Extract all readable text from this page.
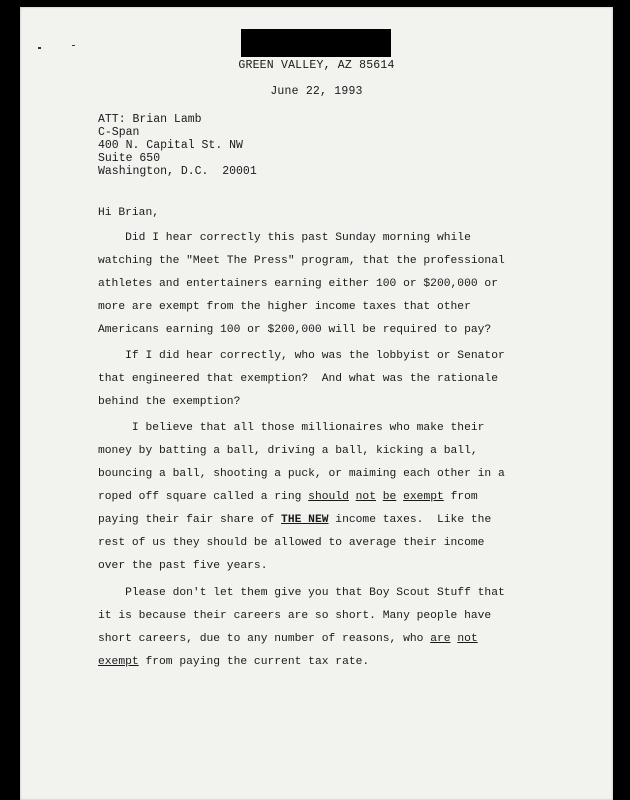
GREEN VALLEY, AZ 85614
June 22, 1993
ATT: Brian Lamb
C-Span
400 N. Capital St. NW
Suite 650
Washington, D.C.  20001
Hi Brian,
Did I hear correctly this past Sunday morning while
watching the "Meet The Press" program, that the professional
athletes and entertainers earning either 100 or $200,000 or
more are exempt from the higher income taxes that other
Americans earning 100 or $200,000 will be required to pay?
If I did hear correctly, who was the lobbyist or Senator
that engineered that exemption?  And what was the rationale
behind the exemption?
I believe that all those millionaires who make their
money by batting a ball, driving a ball, kicking a ball,
bouncing a ball, shooting a puck, or maiming each other in a
roped off square called a ring should not be exempt from
paying their fair share of THE NEW income taxes.  Like the
rest of us they should be allowed to average their income
over the past five years.
Please don't let them give you that Boy Scout Stuff that
it is because their careers are so short. Many people have
short careers, due to any number of reasons, who are not
exempt from paying the current tax rate.
